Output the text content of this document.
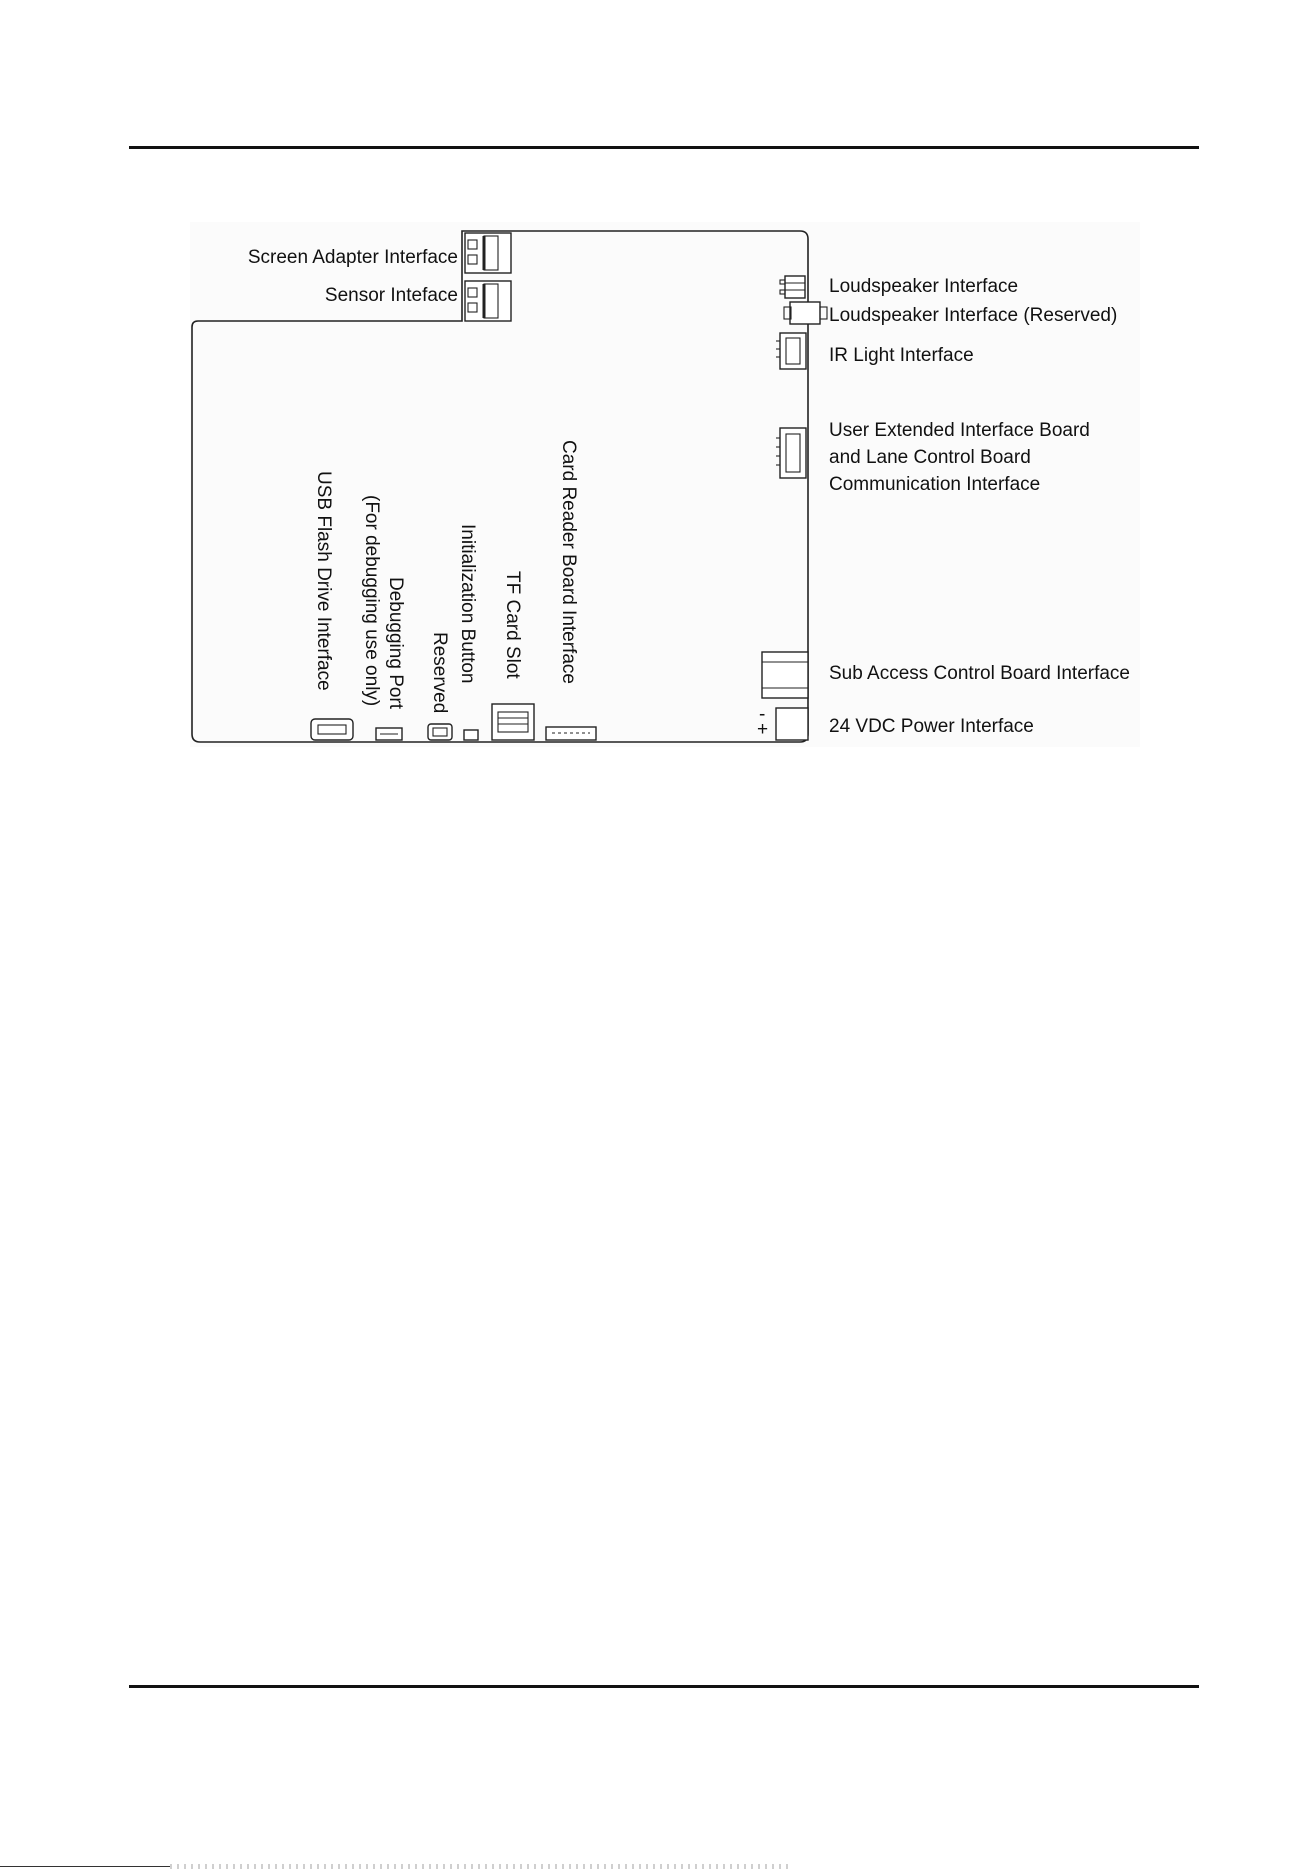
Screen Adapter Interface
Sensor Inteface	Loudspeaker Interface
Loudspeaker Interface (Reserved)
IR Light Interface
User Extended Interface Board
and Lane Control Board
Communication Interface
Sub Access Control Board Interface
24 VDC Power Interface
-
+
USB Flash Drive Interface	Debugging Port
(For debugging use only) Reserved Initialization Button TF Card Slot Card Reader Board Interface
